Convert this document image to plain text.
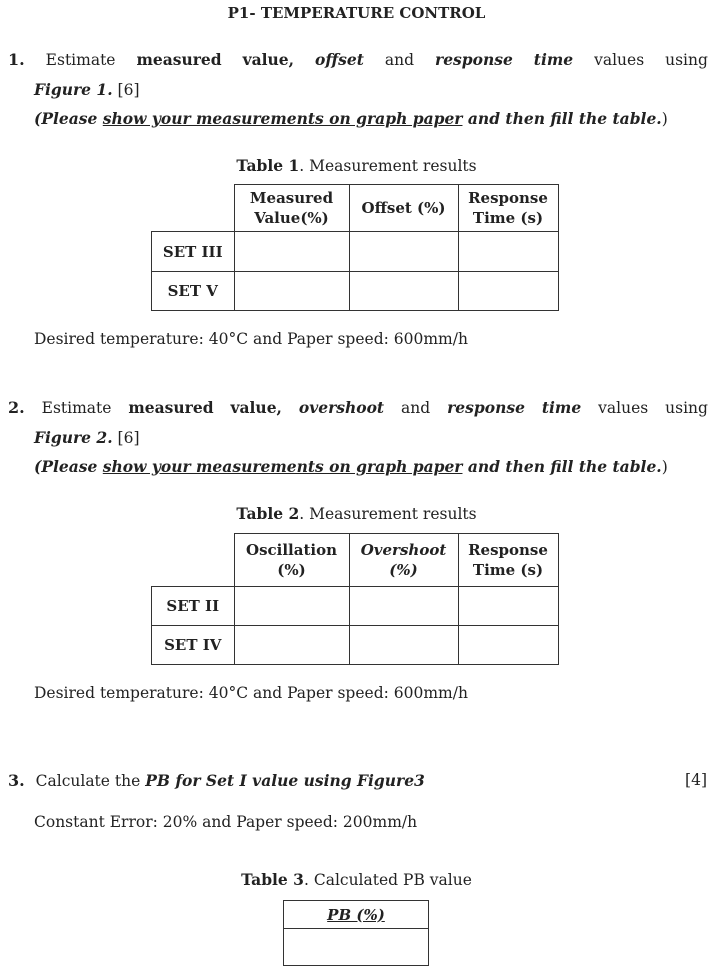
P1- TEMPERATURE CONTROL
1. Estimate measured value, offset and response time values using
Figure 1. [6]
(Please show your measurements on graph paper and then fill the table.)
Table 1. Measurement results
	Measured Value(%)	Offset (%)	Response Time (s)
SET III			
SET V			
Desired temperature: 40°C and Paper speed: 600mm/h
2. Estimate measured value, overshoot and response time values using
Figure 2. [6]
(Please show your measurements on graph paper and then fill the table.)
Table 2. Measurement results
	Oscillation (%)	Overshoot (%)	Response Time (s)
SET II			
SET IV			
Desired temperature: 40°C and Paper speed: 600mm/h
3. Calculate the PB for Set I value using Figure3	[4]
Constant Error: 20% and Paper speed: 200mm/h
Table 3. Calculated PB value
PB (%)
